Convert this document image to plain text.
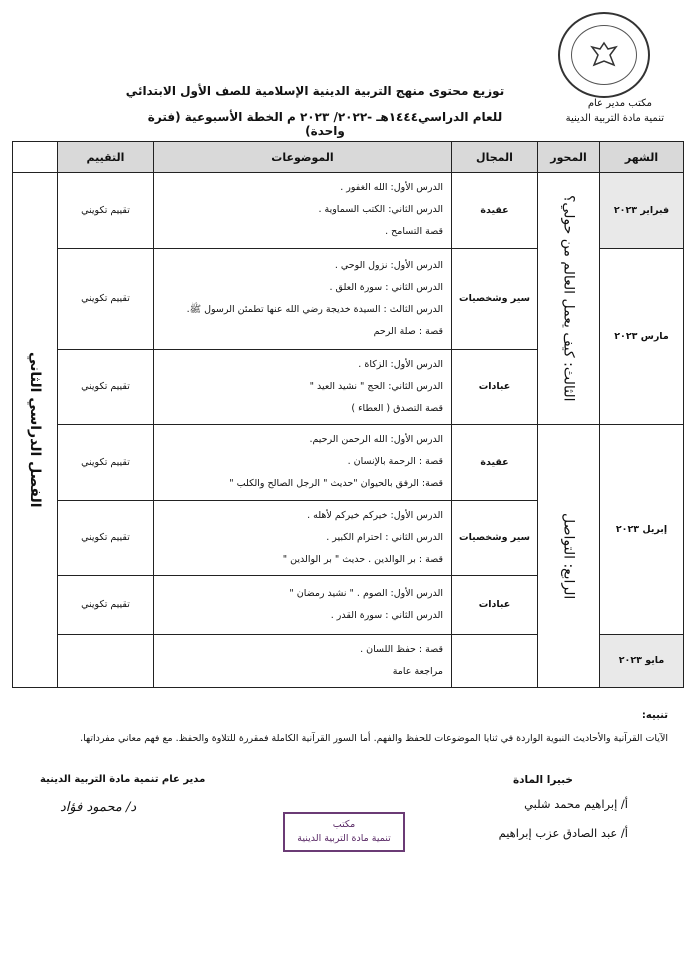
مكتب مدير عام
تنمية مادة التربية الدينية
توزيع محتوى منهج التربية الدينية الإسلامية للصف الأول الابتدائي
للعام الدراسي١٤٤٤هـ -٢٠٢٢/ ٢٠٢٣ م الخطة الأسبوعية (فترة واحدة)
الشهر	المحور	المجال	الموضوعات	التقييم	
فبراير ٢٠٢٣	الثالث: كيف يعمل العالم من حولي؟	عقيدة	الدرس الأول: الله الغفور .
الدرس الثاني: الكتب السماوية .
قصة التسامح .	تقييم تكويني	الفصل الدراسي الثاني

مارس ٢٠٢٣		سير وشخصيات	الدرس الأول: نزول الوحي .
الدرس الثاني : سورة العلق .
الدرس الثالث : السيدة خديجة رضي الله عنها تطمئن الرسول ﷺ.
قصة : صلة الرحم	تقييم تكويني	
		عبادات	الدرس الأول: الزكاة .
الدرس الثاني: الحج " نشيد العيد "
قصة التصدق ( العطاء )	تقييم تكويني	
إبريل ٢٠٢٣	الرابع: التواصل	عقيدة	الدرس الأول: الله الرحمن الرحيم.
قصة : الرحمة بالإنسان .
قصة: الرفق بالحيوان "حديث " الرجل الصالح والكلب "	تقييم تكويني	
		سير وشخصيات	الدرس الأول: خيركم خيركم لأهله .
الدرس الثاني : احترام الكبير .
قصة : بر الوالدين . حديث " بر الوالدين "	تقييم تكويني	
		عبادات	الدرس الأول: الصوم . " نشيد رمضان "
الدرس الثاني : سورة القدر .	تقييم تكويني	
مايو ٢٠٢٣			قصة : حفظ اللسان .
مراجعة عامة		

تنبيه:
الآيات القرآنية والأحاديث النبوية الواردة في ثنايا الموضوعات للحفظ والفهم. أما السور القرآنية الكاملة فمقررة للتلاوة والحفظ. مع فهم معاني مفرداتها.
خبيرا المادة
أ/ إبراهيم محمد شلبي
أ/ عبد الصادق عزب إبراهيم
مدير عام تنمية مادة التربية الدينية
د/ محمود فؤاد
مكتب
تنمية مادة التربية الدينية
